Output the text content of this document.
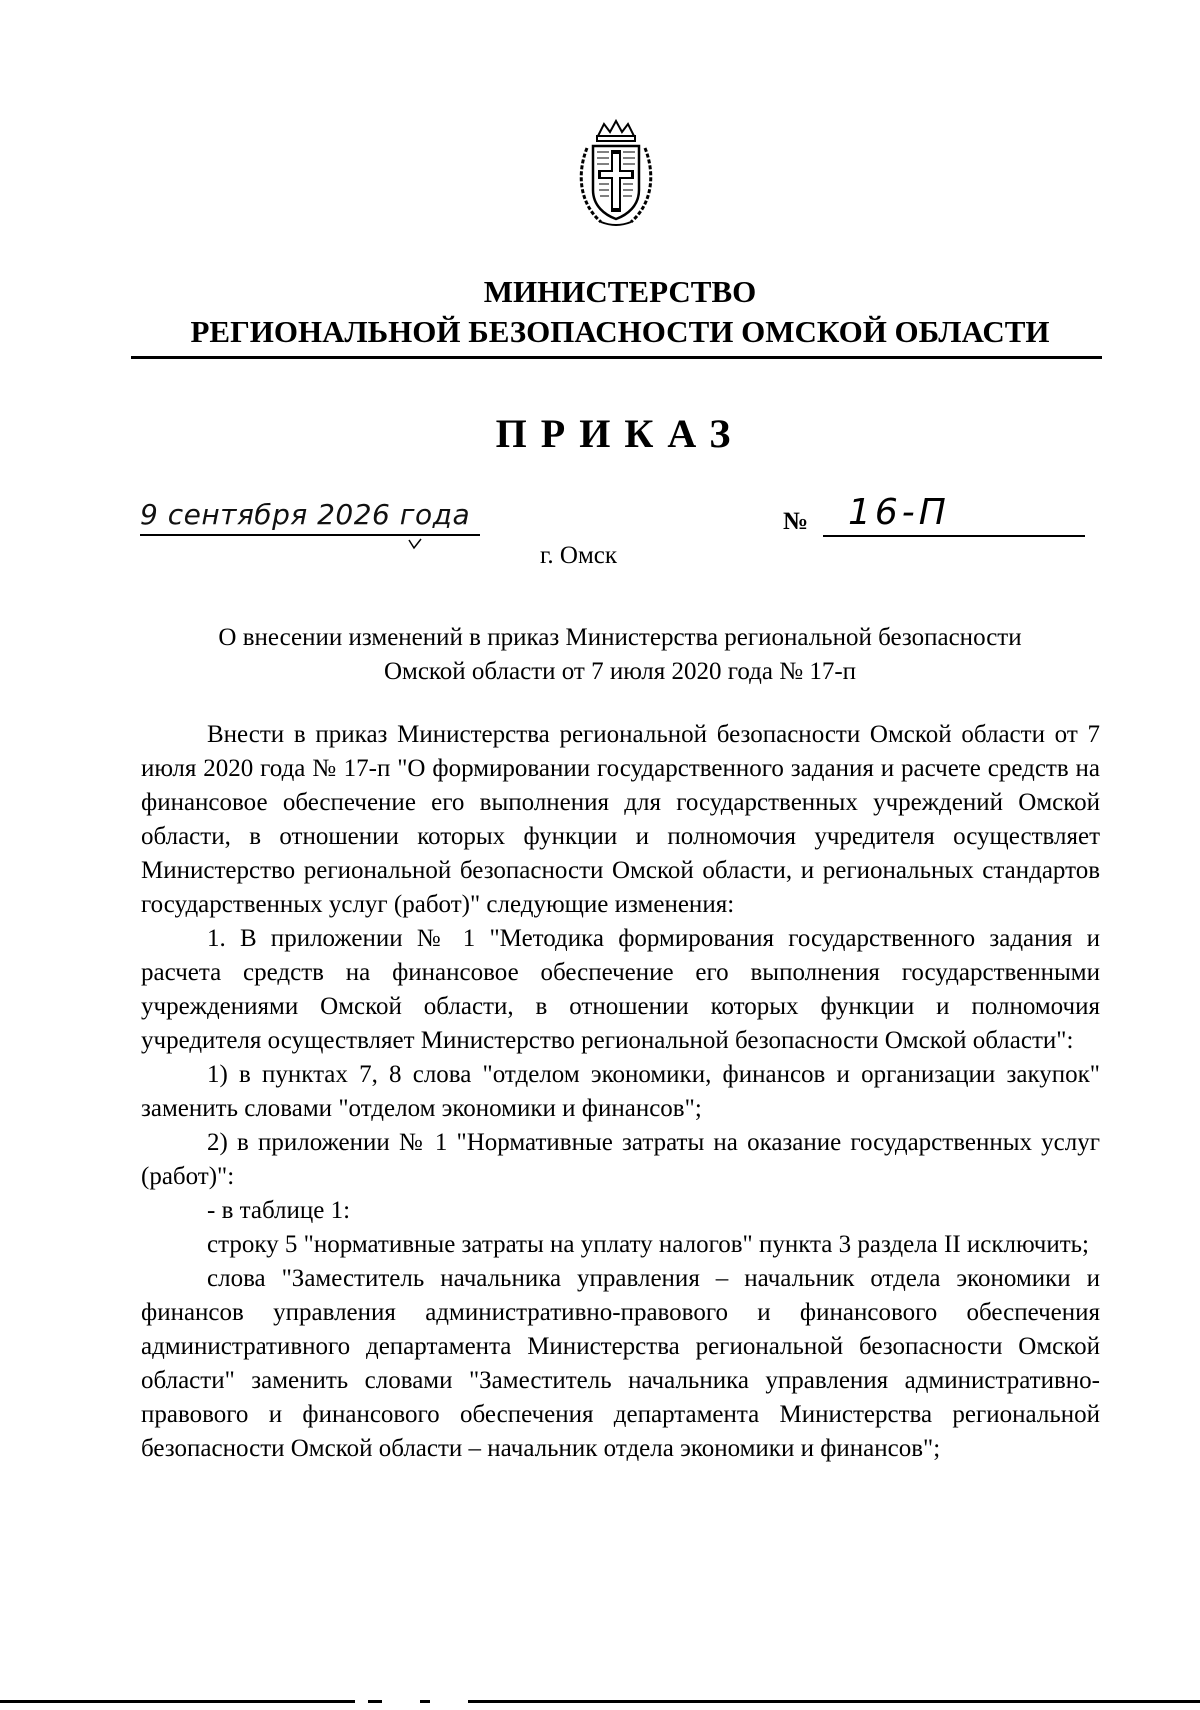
МИНИСТЕРСТВО
РЕГИОНАЛЬНОЙ БЕЗОПАСНОСТИ ОМСКОЙ ОБЛАСТИ
ПРИКАЗ
9 сентября 2026 года	№ 16-П
г. Омск
О внесении изменений в приказ Министерства региональной безопасности
Омской области от 7 июля 2020 года № 17-п

Внести в приказ Министерства региональной безопасности Омской области от 7 июля 2020 года № 17-п "О формировании государственного задания и расчете средств на финансовое обеспечение его выполнения для государственных учреждений Омской области, в отношении которых функции и полномочия учредителя осуществляет Министерство региональной безопасности Омской области, и региональных стандартов государственных услуг (работ)" следующие изменения:

1. В приложении № 1 "Методика формирования государственного задания и расчета средств на финансовое обеспечение его выполнения государственными учреждениями Омской области, в отношении которых функции и полномочия учредителя осуществляет Министерство региональной безопасности Омской области":

1) в пунктах 7, 8 слова "отделом экономики, финансов и организации закупок" заменить словами "отделом экономики и финансов";

2) в приложении № 1 "Нормативные затраты на оказание государственных услуг (работ)":

- в таблице 1:

строку 5 "нормативные затраты на уплату налогов" пункта 3 раздела II исключить;

слова "Заместитель начальника управления – начальник отдела экономики и финансов управления административно-правового и финансового обеспечения административного департамента Министерства региональной безопасности Омской области" заменить словами "Заместитель начальника управления административно-правового и финансового обеспечения департамента Министерства региональной безопасности Омской области – начальник отдела экономики и финансов";
